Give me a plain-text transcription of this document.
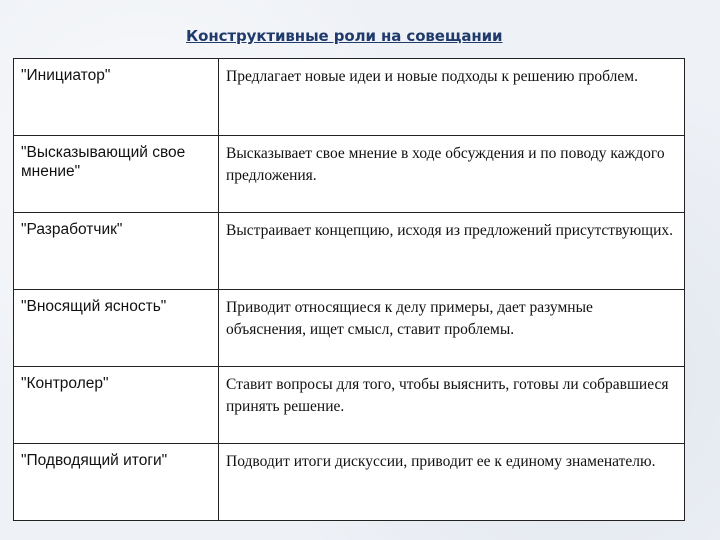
Конструктивные роли на совещании
"Инициатор"	Предлагает новые идеи и новые подходы к решению проблем.
"Высказывающий свое мнение"	Высказывает свое мнение в ходе обсуждения и по поводу каждого предложения.
"Разработчик"	Выстраивает концепцию, исходя из предложений присутствующих.
"Вносящий ясность"	Приводит относящиеся к делу примеры, дает разумные объяснения, ищет смысл, ставит проблемы.
"Контролер"	Ставит вопросы для того, чтобы выяснить, готовы ли собравшиеся принять решение.
"Подводящий итоги"	Подводит итоги дискуссии, приводит ее к единому знаменателю.
